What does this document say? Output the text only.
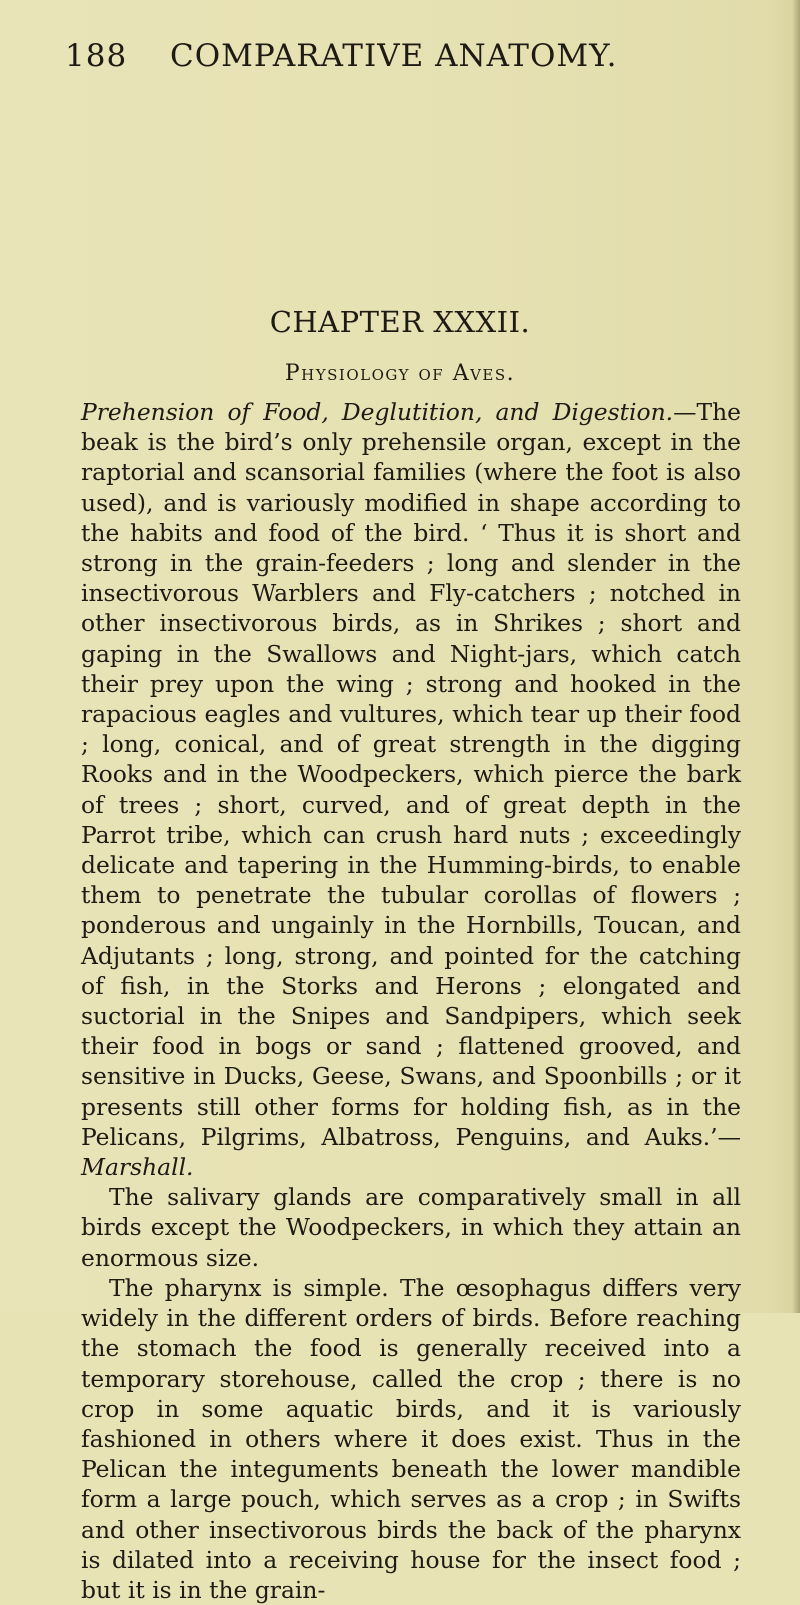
188 COMPARATIVE ANATOMY.
CHAPTER XXXII.
Physiology of Aves.

Prehension of Food, Deglutition, and Digestion.—The beak is the bird’s only prehensile organ, except in the raptorial and scansorial families (where the foot is also used), and is variously modified in shape according to the habits and food of the bird. ‘ Thus it is short and strong in the grain-feeders ; long and slender in the insectivorous Warblers and Fly-catchers ; notched in other insectivorous birds, as in Shrikes ; short and gaping in the Swallows and Night-jars, which catch their prey upon the wing ; strong and hooked in the rapacious eagles and vultures, which tear up their food ; long, conical, and of great strength in the digging Rooks and in the Woodpeckers, which pierce the bark of trees ; short, curved, and of great depth in the Parrot tribe, which can crush hard nuts ; exceedingly delicate and tapering in the Humming-birds, to enable them to penetrate the tubular corollas of flowers ; ponderous and ungainly in the Hornbills, Toucan, and Adjutants ; long, strong, and pointed for the catching of fish, in the Storks and Herons ; elongated and suctorial in the Snipes and Sandpipers, which seek their food in bogs or sand ; flattened grooved, and sensitive in Ducks, Geese, Swans, and Spoonbills ; or it presents still other forms for holding fish, as in the Pelicans, Pilgrims, Albatross, Penguins, and Auks.’—Marshall.

The salivary glands are comparatively small in all birds except the Woodpeckers, in which they attain an enormous size.

The pharynx is simple. The œsophagus differs very widely in the different orders of birds. Before reaching the stomach the food is generally received into a temporary storehouse, called the crop ; there is no crop in some aquatic birds, and it is variously fashioned in others where it does exist. Thus in the Pelican the integuments beneath the lower mandible form a large pouch, which serves as a crop ; in Swifts and other insectivorous birds the back of the pharynx is dilated into a receiving house for the insect food ; but it is in the grain-
